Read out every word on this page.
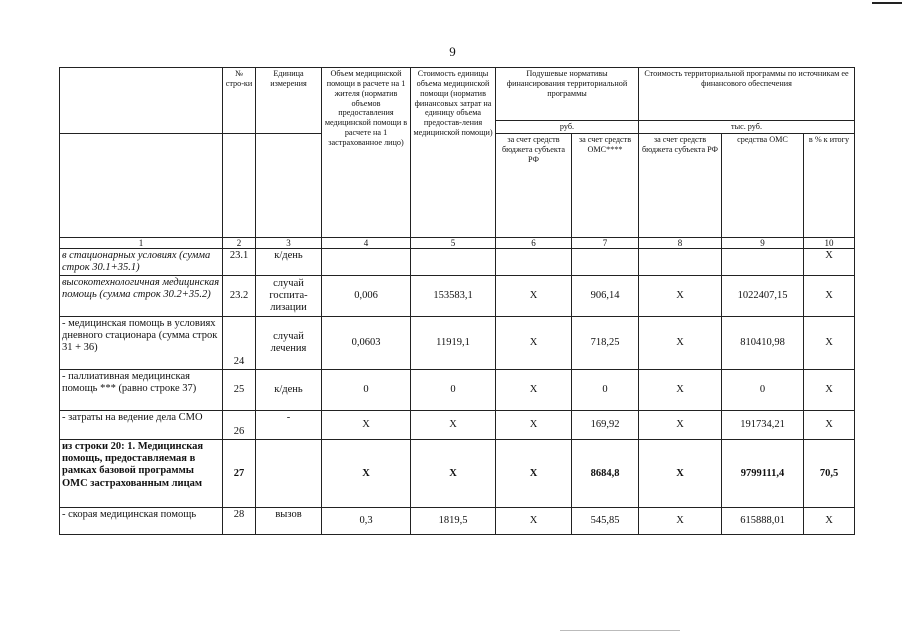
9
	№ стро-ки	Единица измерения	Объем медицинской помощи в расчете на 1 жителя (норматив объемов предоставления медицинской помощи в расчете на 1 застрахованное лицо)	Стоимость единицы объема медицинской помощи (норматив финансовых затрат на единицу объема предостав-ления медицинской помощи)	Подушевые нормативы финансирования территориальной программы		Стоимость территориальной программы по источникам ее финансового обеспечения		
					руб.		тыс. руб.		
					за счет средств бюджета субъекта РФ	за счет средств ОМС****	за счет средств бюджета субъекта РФ	средства ОМС	в % к итогу
1	2	3	4	5	6	7	8	9	10
в стационарных условиях (сумма строк 30.1+35.1)	23.1	к/день							X
высокотехнологичная медицинская помощь (сумма строк 30.2+35.2)	23.2	случай госпита-лизации	0,006	153583,1	X	906,14	X	1022407,15	X
- медицинская помощь в условиях дневного стационара (сумма строк 31 + 36)	24	случай лечения	0,0603	11919,1	X	718,25	X	810410,98	X
- паллиативная медицинская помощь *** (равно строке 37)	25	к/день	0	0	X	0	X	0	X
- затраты на ведение дела СМО	26	-	X	X	X	169,92	X	191734,21	X
из строки 20: 1. Медицинская помощь, предоставляемая в рамках базовой программы ОМС застрахованным лицам	27		X	X	X	8684,8	X	9799111,4	70,5
- скорая медицинская помощь	28	вызов	0,3	1819,5	X	545,85	X	615888,01	X
